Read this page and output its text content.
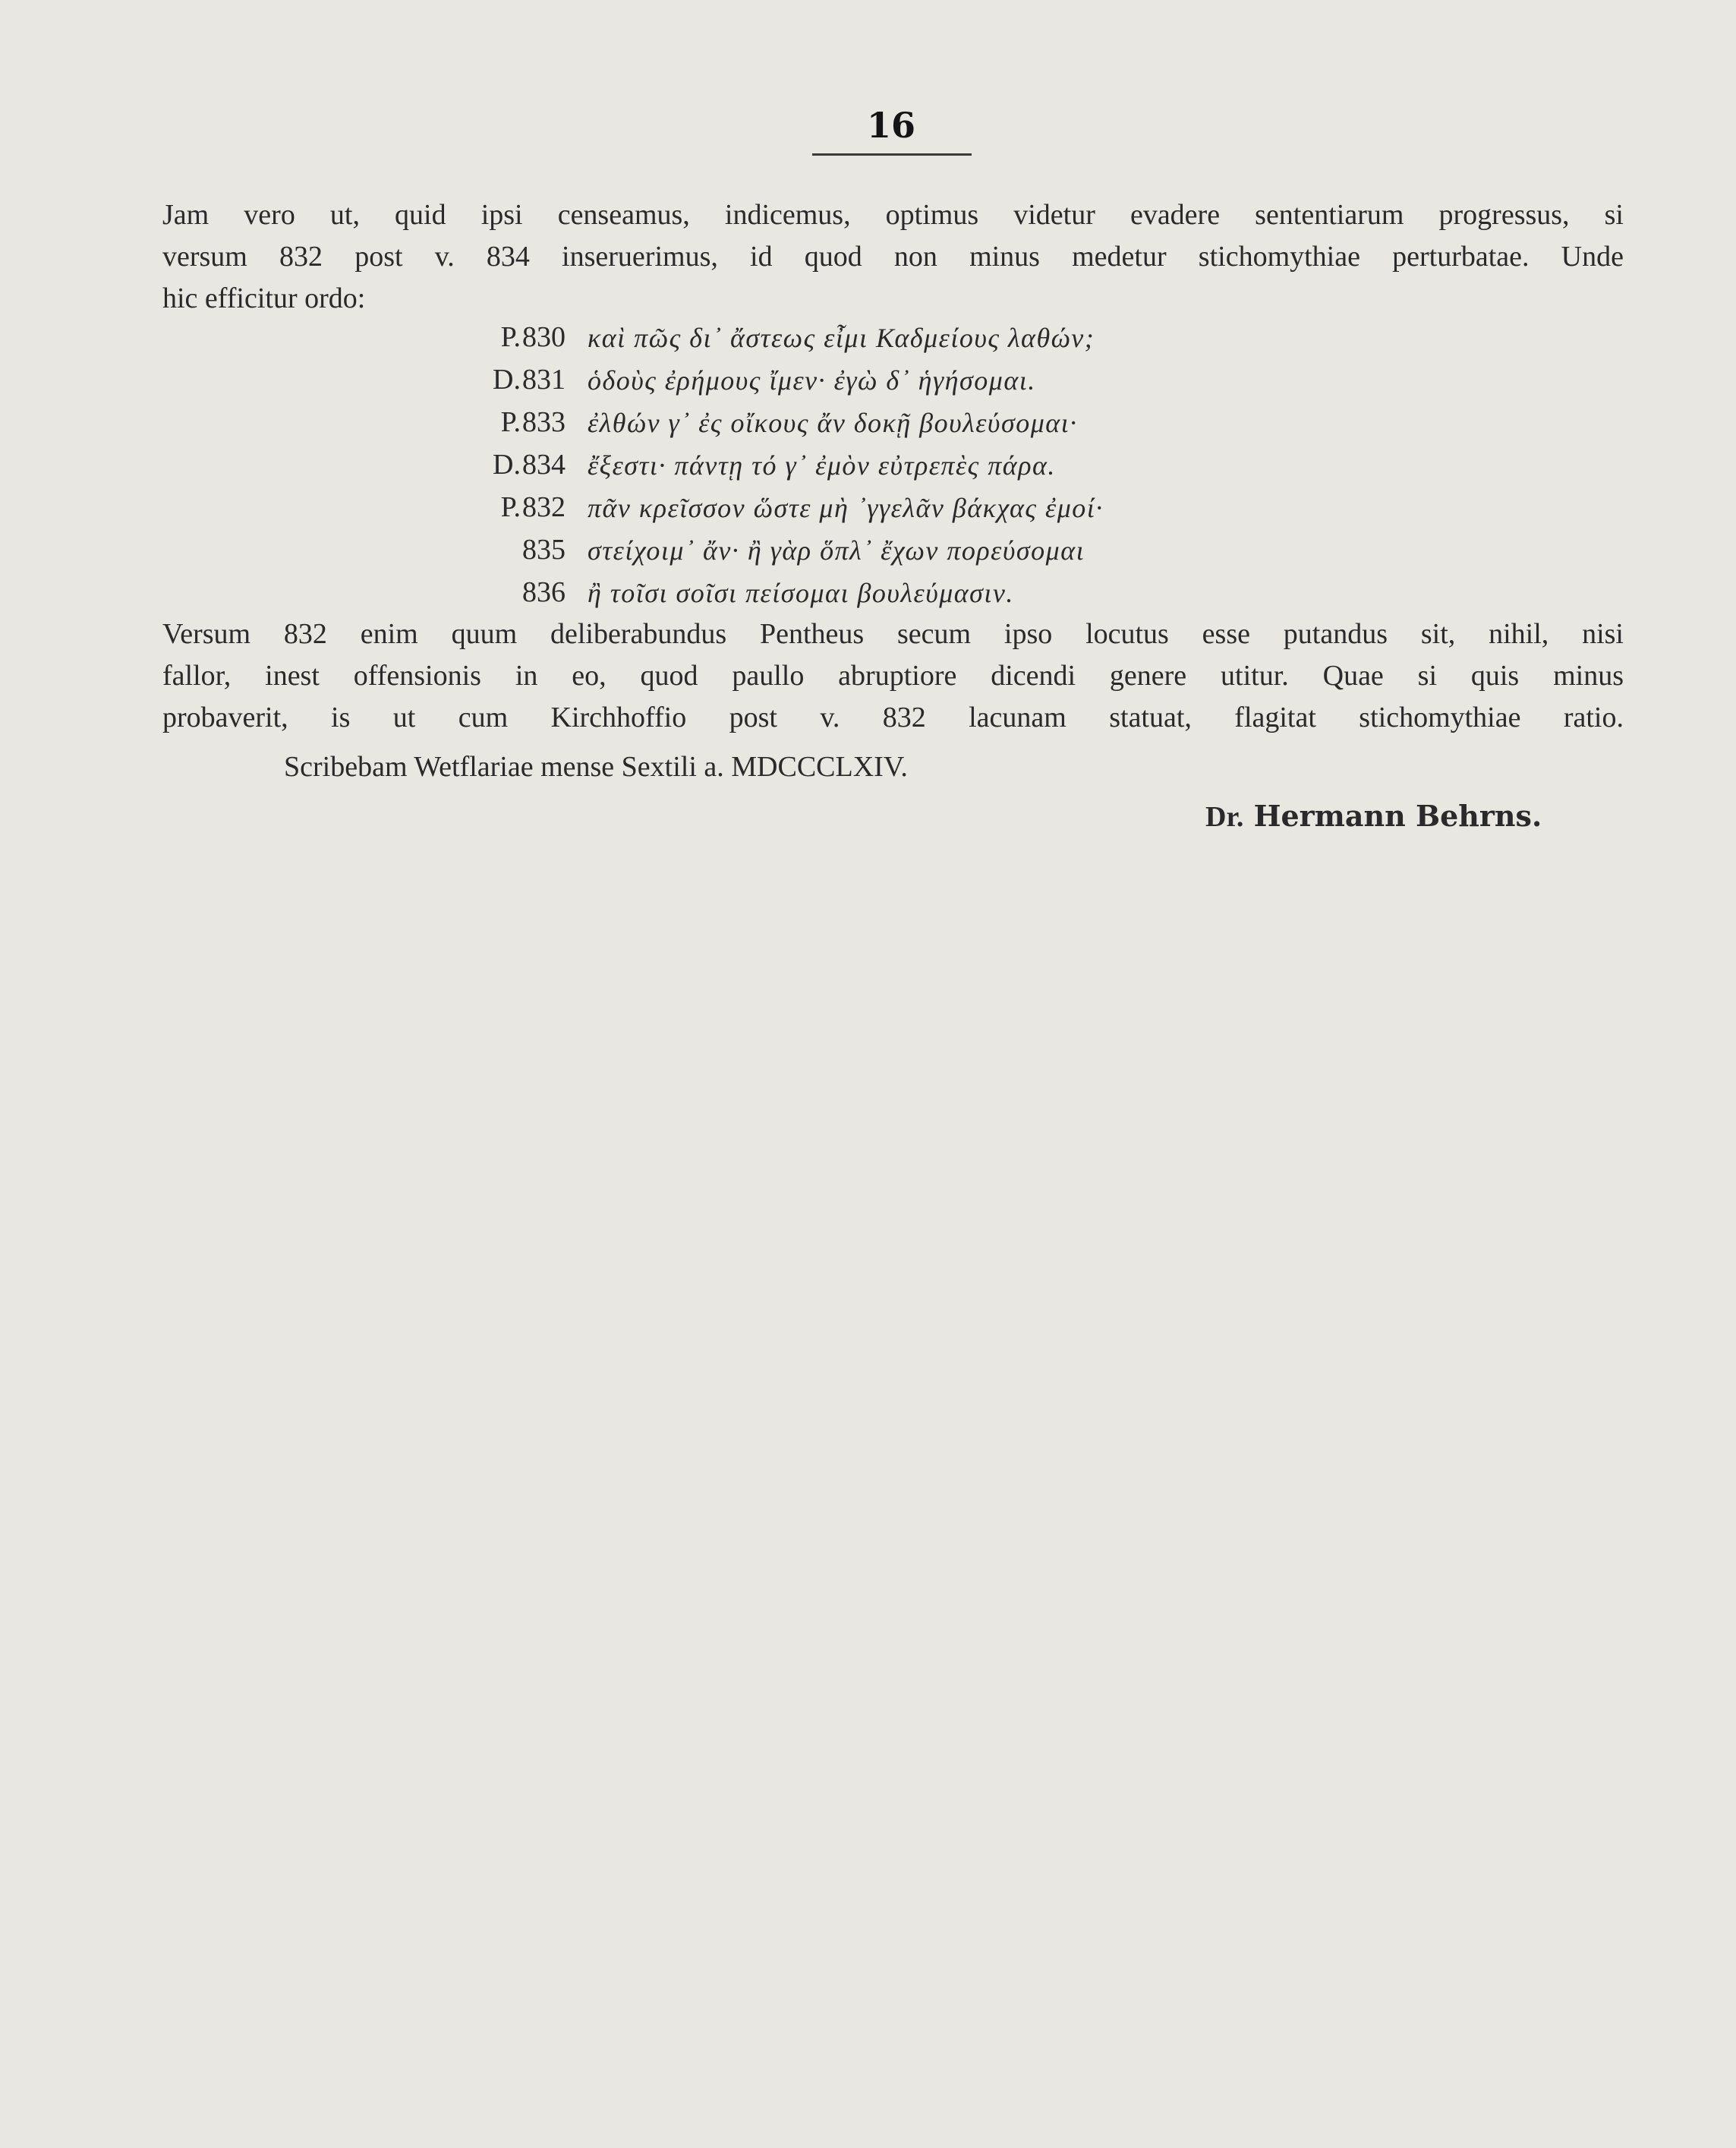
16

Jam vero ut, quid ipsi censeamus, indicemus, optimus videtur evadere sententiarum progressus, si
versum 832 post v. 834 inseruerimus, id quod non minus medetur stichomythiae perturbatae. Unde
hic efficitur ordo:

P. 830 καὶ πῶς δι᾽ ἄστεως εἶμι Καδμείους λαθών;
D. 831 ὁδοὺς ἐρήμους ἴμεν· ἐγὼ δ᾽ ἡγήσομαι.
P. 833 ἐλθών γ᾽ ἐς οἴκους ἄν δοκῇ βουλεύσομαι·
D. 834 ἔξεστι· πάντῃ τό γ᾽ ἐμὸν εὐτρεπὲς πάρα.
P. 832 πᾶν κρεῖσσον ὥστε μὴ ᾽γγελᾶν βάκχας ἐμοί·
835 στείχοιμ᾽ ἄν· ἢ γὰρ ὅπλ᾽ ἔχων πορεύσομαι
836 ἢ τοῖσι σοῖσι πείσομαι βουλεύμασιν.

Versum 832 enim quum deliberabundus Pentheus secum ipso locutus esse putandus sit, nihil, nisi
fallor, inest offensionis in eo, quod paullo abruptiore dicendi genere utitur. Quae si quis minus
probaverit, is ut cum Kirchhoffio post v. 832 lacunam statuat, flagitat stichomythiae ratio.

Scribebam Wetflariae mense Sextili a. MDCCCLXIV.
Dr. Hermann Behrns.
